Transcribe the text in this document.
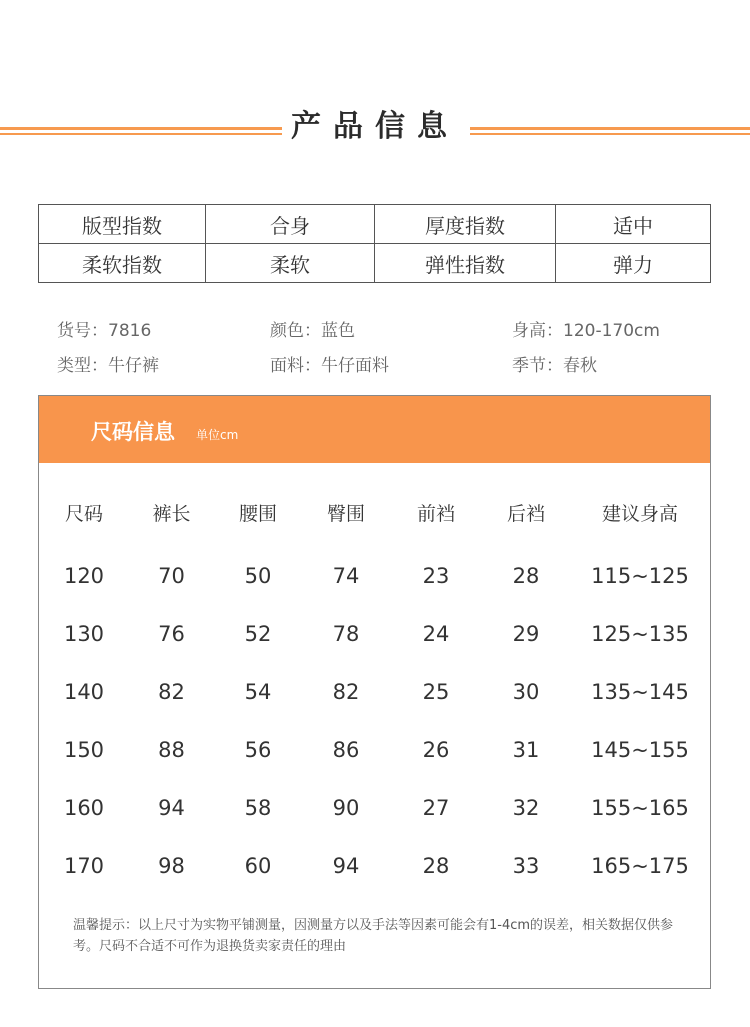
产品信息
版型指数	合身	厚度指数	适中
柔软指数	柔软	弹性指数	弹力
货号：7816	颜色：蓝色	身高：120-170cm
类型：牛仔裤	面料：牛仔面料	季节：春秋
尺码信息 单位cm
尺码	裤长	腰围	臀围	前裆	后裆	建议身高
120	70	50	74	23	28	115~125
130	76	52	78	24	29	125~135
140	82	54	82	25	30	135~145
150	88	56	86	26	31	145~155
160	94	58	90	27	32	155~165
170	98	60	94	28	33	165~175
温馨提示：以上尺寸为实物平铺测量，因测量方以及手法等因素可能会有1-4cm的误差，相关数据仅供参考。尺码不合适不可作为退换货卖家责任的理由
